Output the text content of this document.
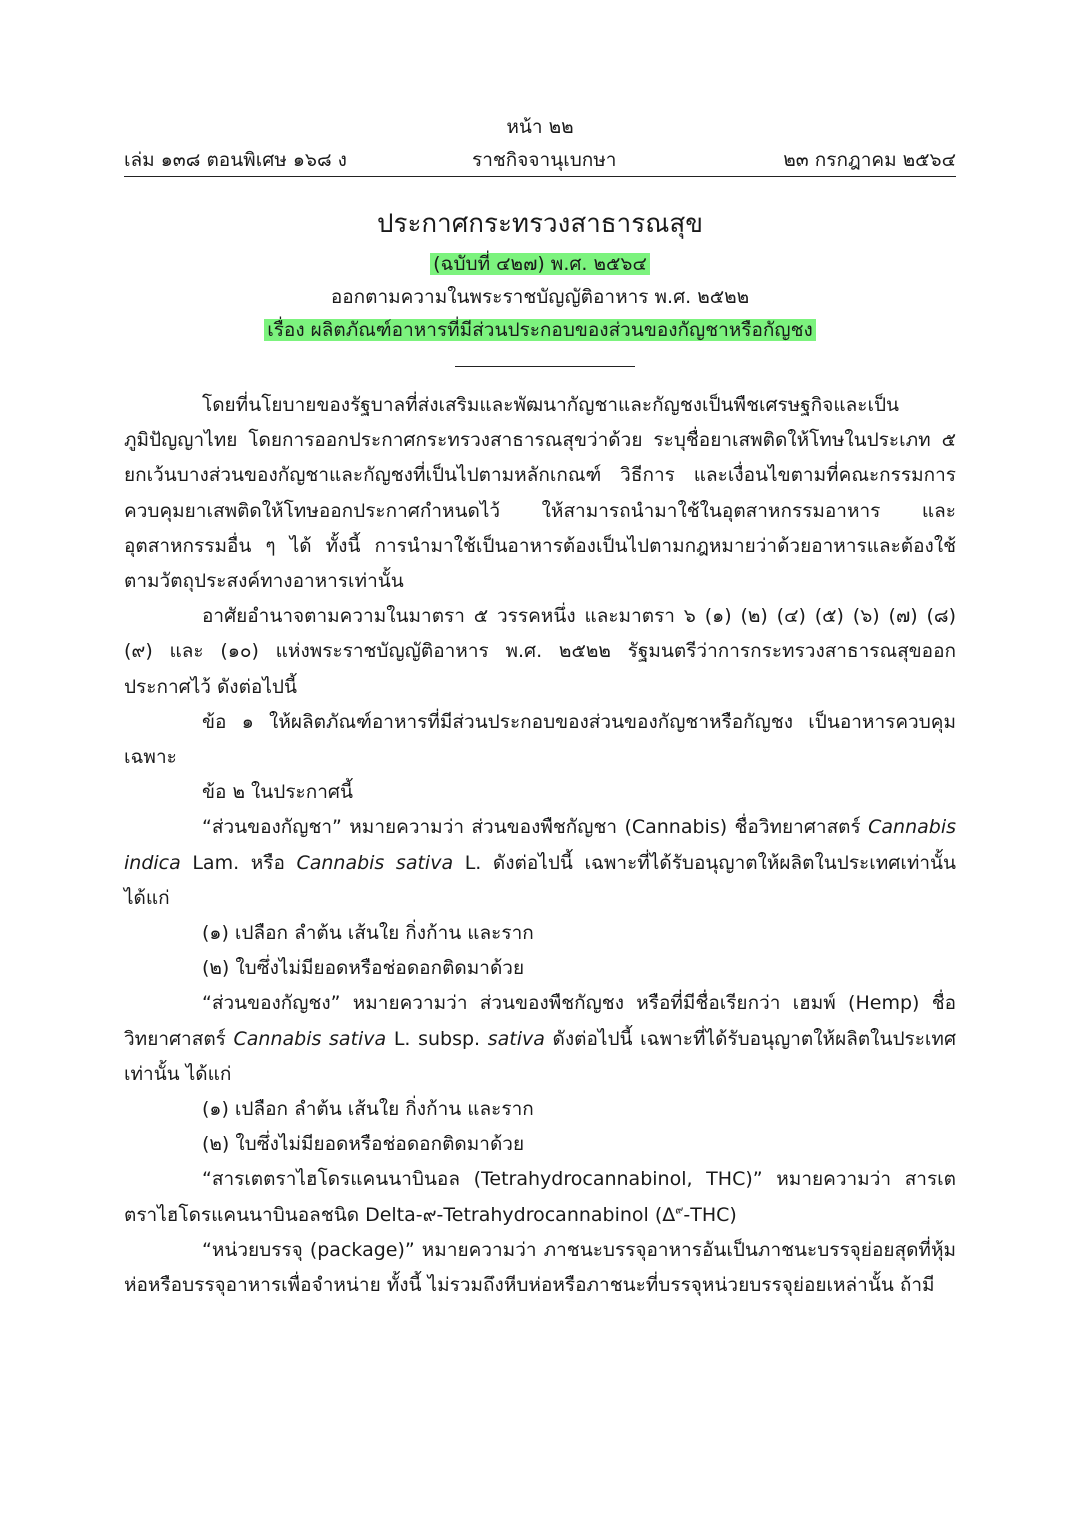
หน้า ๒๒
เล่ม ๑๓๘ ตอนพิเศษ ๑๖๘ ง	ราชกิจจานุเบกษา	๒๓ กรกฎาคม ๒๕๖๔
ประกาศกระทรวงสาธารณสุข
(ฉบับที่ ๔๒๗) พ.ศ. ๒๕๖๔
ออกตามความในพระราชบัญญัติอาหาร พ.ศ. ๒๕๒๒
เรื่อง ผลิตภัณฑ์อาหารที่มีส่วนประกอบของส่วนของกัญชาหรือกัญชง

โดยที่นโยบายของรัฐบาลที่ส่งเสริมและพัฒนากัญชาและกัญชงเป็นพืชเศรษฐกิจและเป็นภูมิปัญญาไทย โดยการออกประกาศกระทรวงสาธารณสุขว่าด้วย ระบุชื่อยาเสพติดให้โทษในประเภท ๕ ยกเว้นบางส่วนของกัญชาและกัญชงที่เป็นไปตามหลักเกณฑ์ วิธีการ และเงื่อนไขตามที่คณะกรรมการควบคุมยาเสพติดให้โทษออกประกาศกำหนดไว้ ให้สามารถนำมาใช้ในอุตสาหกรรมอาหาร และอุตสาหกรรมอื่น ๆ ได้ ทั้งนี้ การนำมาใช้เป็นอาหารต้องเป็นไปตามกฎหมายว่าด้วยอาหารและต้องใช้ตามวัตถุประสงค์ทางอาหารเท่านั้น

อาศัยอำนาจตามความในมาตรา ๕ วรรคหนึ่ง และมาตรา ๖ (๑) (๒) (๔) (๕) (๖) (๗) (๘) (๙) และ (๑๐) แห่งพระราชบัญญัติอาหาร พ.ศ. ๒๕๒๒ รัฐมนตรีว่าการกระทรวงสาธารณสุขออกประกาศไว้ ดังต่อไปนี้

ข้อ ๑ ให้ผลิตภัณฑ์อาหารที่มีส่วนประกอบของส่วนของกัญชาหรือกัญชง เป็นอาหารควบคุมเฉพาะ

ข้อ ๒ ในประกาศนี้

“ส่วนของกัญชา” หมายความว่า ส่วนของพืชกัญชา (Cannabis) ชื่อวิทยาศาสตร์ Cannabis indica Lam. หรือ Cannabis sativa L. ดังต่อไปนี้ เฉพาะที่ได้รับอนุญาตให้ผลิตในประเทศเท่านั้น ได้แก่

(๑) เปลือก ลำต้น เส้นใย กิ่งก้าน และราก

(๒) ใบซึ่งไม่มียอดหรือช่อดอกติดมาด้วย

“ส่วนของกัญชง” หมายความว่า ส่วนของพืชกัญชง หรือที่มีชื่อเรียกว่า เฮมพ์ (Hemp) ชื่อวิทยาศาสตร์ Cannabis sativa L. subsp. sativa ดังต่อไปนี้ เฉพาะที่ได้รับอนุญาตให้ผลิตในประเทศเท่านั้น ได้แก่

(๑) เปลือก ลำต้น เส้นใย กิ่งก้าน และราก

(๒) ใบซึ่งไม่มียอดหรือช่อดอกติดมาด้วย

“สารเตตราไฮโดรแคนนาบินอล (Tetrahydrocannabinol, THC)” หมายความว่า สารเตตราไฮโดรแคนนาบินอลชนิด Delta-๙-Tetrahydrocannabinol $(\Delta^๙-THC)$

“หน่วยบรรจุ (package)” หมายความว่า ภาชนะบรรจุอาหารอันเป็นภาชนะบรรจุย่อยสุดที่หุ้มห่อหรือบรรจุอาหารเพื่อจำหน่าย ทั้งนี้ ไม่รวมถึงหีบห่อหรือภาชนะที่บรรจุหน่วยบรรจุย่อยเหล่านั้น ถ้ามี
